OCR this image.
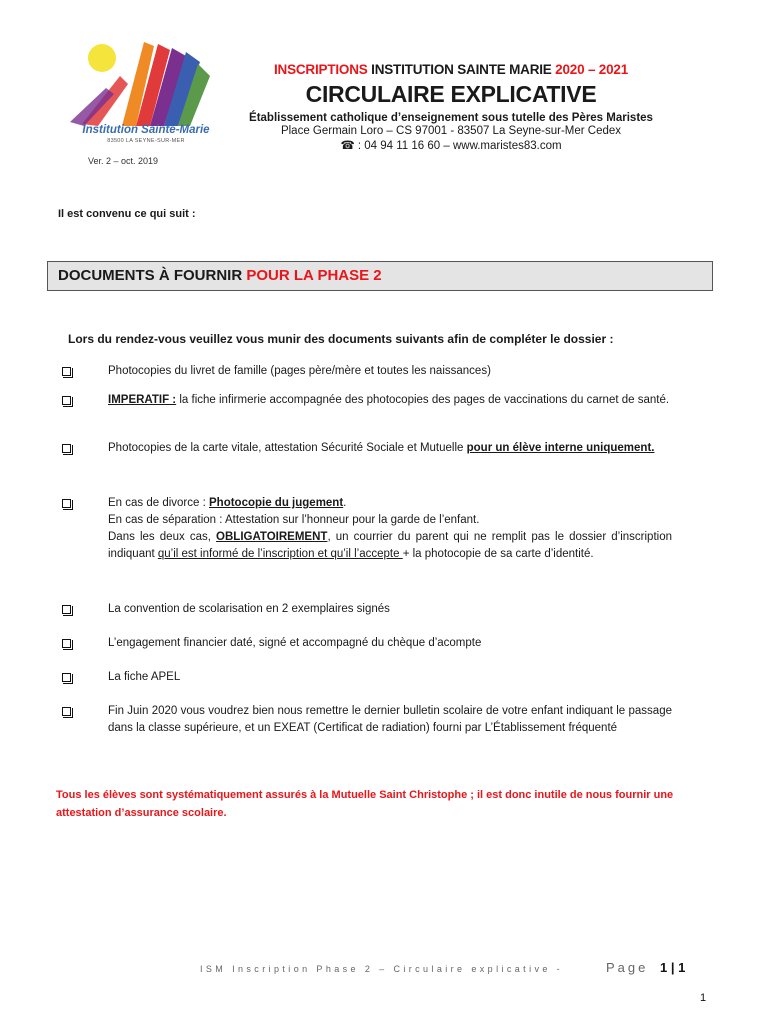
Institution Sainte-Marie
83500 LA SEYNE-SUR-MER
Ver. 2 – oct. 2019
INSCRIPTIONS INSTITUTION SAINTE MARIE 2020 – 2021
CIRCULAIRE EXPLICATIVE
Établissement catholique d’enseignement sous tutelle des Pères Maristes
Place Germain Loro – CS 97001 - 83507 La Seyne-sur-Mer Cedex
☎ : 04 94 11 16 60 – www.maristes83.com
Il est convenu ce qui suit :
DOCUMENTS À FOURNIR POUR LA PHASE 2
Lors du rendez-vous veuillez vous munir des documents suivants afin de compléter le dossier :
Photocopies du livret de famille (pages père/mère et toutes les naissances)
IMPERATIF : la fiche infirmerie accompagnée des photocopies des pages de vaccinations du carnet de santé.
Photocopies de la carte vitale, attestation Sécurité Sociale et Mutuelle pour un élève interne uniquement.
En cas de divorce : Photocopie du jugement.
En cas de séparation : Attestation sur l’honneur pour la garde de l’enfant.
Dans les deux cas, OBLIGATOIREMENT, un courrier du parent qui ne remplit pas le dossier d’inscription indiquant qu’il est informé de l’inscription et qu’il l’accepte + la photocopie de sa carte d’identité.
La convention de scolarisation en 2 exemplaires signés
L’engagement financier daté, signé et accompagné du chèque d’acompte
La fiche APEL
Fin Juin 2020 vous voudrez bien nous remettre le dernier bulletin scolaire de votre enfant indiquant le passage dans la classe supérieure, et un EXEAT (Certificat de radiation) fourni par L’Établissement fréquenté
Tous les élèves sont systématiquement assurés à la Mutuelle Saint Christophe ; il est donc inutile de nous fournir une attestation d’assurance scolaire.
ISM Inscription Phase 2 – Circulaire explicative -	Page 1 | 1
1
